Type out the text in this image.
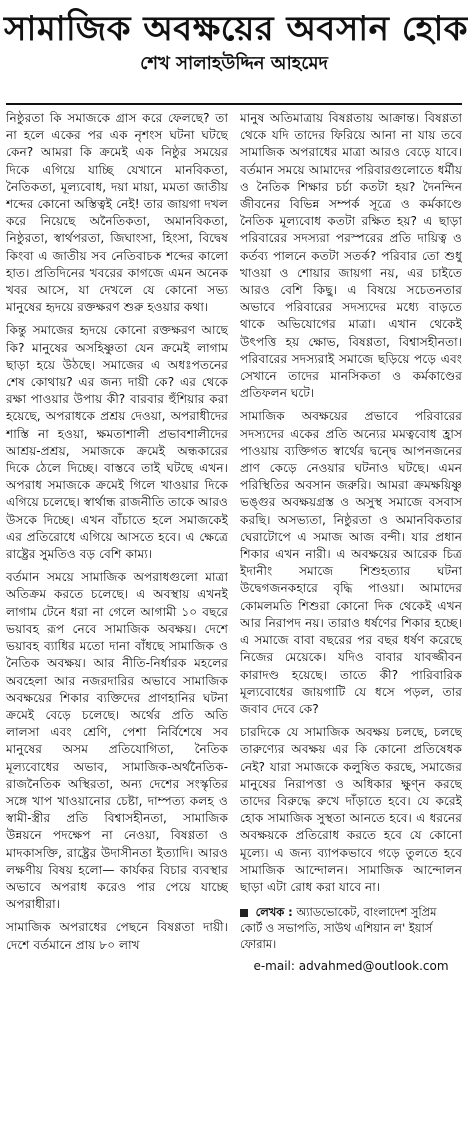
সামাজিক অবক্ষয়ের অবসান হোক
শেখ সালাহউদ্দিন আহমেদ

নিষ্ঠুরতা কি সমাজকে গ্রাস করে ফেলছে? তা না হলে একের পর এক নৃশংস ঘটনা ঘটছে কেন? আমরা কি ক্রমেই এক নিষ্ঠুর সময়ের দিকে এগিয়ে যাচ্ছি যেখানে মানবিকতা, নৈতিকতা, মূল্যবোধ, দয়া মায়া, মমতা জাতীয় শব্দের কোনো অস্তিত্বই নেই! তার জায়গা দখল করে নিয়েছে অনৈতিকতা, অমানবিকতা, নিষ্ঠুরতা, স্বার্থপরতা, জিঘাংসা, হিংসা, বিদ্বেষ কিংবা এ জাতীয় সব নেতিবাচক শব্দের কালো হাত। প্রতিদিনের খবরের কাগজে এমন অনেক খবর আসে, যা দেখলে যে কোনো সভ্য মানুষের হৃদয়ে রক্তক্ষরণ শুরু হওয়ার কথা।

কিন্তু সমাজের হৃদয়ে কোনো রক্তক্ষরণ আছে কি? মানুষের অসহিষ্ণুতা যেন ক্রমেই লাগাম ছাড়া হয়ে উঠছে। সমাজের এ অধঃপতনের শেষ কোথায়? এর জন্য দায়ী কে? এর থেকে রক্ষা পাওয়ার উপায় কী? বারবার হুঁশিয়ার করা হয়েছে, অপরাধকে প্রশ্রয় দেওয়া, অপরাধীদের শাস্তি না হওয়া, ক্ষমতাশালী প্রভাবশালীদের আশ্রয়-প্রশ্রয়, সমাজকে ক্রমেই অন্ধকারের দিকে ঠেলে দিচ্ছে। বাস্তবে তাই ঘটছে এখন। অপরাধ সমাজকে ক্রমেই গিলে খাওয়ার দিকে এগিয়ে চলেছে। স্বার্থান্ধ রাজনীতি তাকে আরও উসকে দিচ্ছে। এখন বাঁচাতে হলে সমাজকেই এর প্রতিরোধে এগিয়ে আসতে হবে। এ ক্ষেত্রে রাষ্ট্রের সুমতিও বড় বেশি কাম্য।

বর্তমান সময়ে সামাজিক অপরাধগুলো মাত্রা অতিক্রম করতে চলেছে। এ অবস্থায় এখনই লাগাম টেনে ধরা না গেলে আগামী ১০ বছরে ভয়াবহ রূপ নেবে সামাজিক অবক্ষয়। দেশে ভয়াবহ ব্যাধির মতো দানা বাঁধছে সামাজিক ও নৈতিক অবক্ষয়। আর নীতি-নির্ধারক মহলের অবহেলা আর নজরদারির অভাবে সামাজিক অবক্ষয়ের শিকার ব্যক্তিদের প্রাণহানির ঘটনা ক্রমেই বেড়ে চলেছে। অর্থের প্রতি অতি লালসা এবং শ্রেণি, পেশা নির্বিশেষে সব মানুষের অসম প্রতিযোগিতা, নৈতিক মূল্যবোধের অভাব, সামাজিক-অর্থনৈতিক-রাজনৈতিক অস্থিরতা, অন্য দেশের সংস্কৃতির সঙ্গে খাপ খাওয়ানোর চেষ্টা, দাম্পত্য কলহ ও স্বামী-স্ত্রীর প্রতি বিশ্বাসহীনতা, সামাজিক উন্নয়নে পদক্ষেপ না নেওয়া, বিষণ্ণতা ও মাদকাসক্তি, রাষ্ট্রের উদাসীনতা ইত্যাদি। আরও লক্ষণীয় বিষয় হলো— কার্যকর বিচার ব্যবস্থার অভাবে অপরাধ করেও পার পেয়ে যাচ্ছে অপরাধীরা।

সামাজিক অপরাধের পেছনে বিষণ্ণতা দায়ী। দেশে বর্তমানে প্রায় ৮০ লাখ

মানুষ অতিমাত্রায় বিষণ্ণতায় আক্রান্ত। বিষণ্ণতা থেকে যদি তাদের ফিরিয়ে আনা না যায় তবে সামাজিক অপরাধের মাত্রা আরও বেড়ে যাবে। বর্তমান সময়ে আমাদের পরিবারগুলোতে ধর্মীয় ও নৈতিক শিক্ষার চর্চা কতটা হয়? দৈনন্দিন জীবনের বিভিন্ন সম্পর্ক সূত্রে ও কর্মকাণ্ডে নৈতিক মূল্যবোধ কতটা রক্ষিত হয়? এ ছাড়া পরিবারের সদস্যরা পরস্পরের প্রতি দায়িত্ব ও কর্তব্য পালনে কতটা সতর্ক? পরিবার তো শুধু খাওয়া ও শোয়ার জায়গা নয়, এর চাইতে আরও বেশি কিছু। এ বিষয়ে সচেতনতার অভাবে পরিবারের সদস্যদের মধ্যে বাড়তে থাকে অভিযোগের মাত্রা। এখান থেকেই উৎপত্তি হয় ক্ষোভ, বিষণ্ণতা, বিশ্বাসহীনতা। পরিবারের সদস্যরাই সমাজে ছড়িয়ে পড়ে এবং সেখানে তাদের মানসিকতা ও কর্মকাণ্ডের প্রতিফলন ঘটে।

সামাজিক অবক্ষয়ের প্রভাবে পরিবারের সদস্যদের একের প্রতি অন্যের মমত্ববোধ হ্রাস পাওয়ায় ব্যক্তিগত স্বার্থের দ্বন্দ্বে আপনজনের প্রাণ কেড়ে নেওয়ার ঘটনাও ঘটছে। এমন পরিস্থিতির অবসান জরুরি। আমরা ক্রমক্ষয়িষ্ণু ভঙ্গুর অবক্ষয়গ্রস্ত ও অসুস্থ সমাজে বসবাস করছি। অসভ্যতা, নিষ্ঠুরতা ও অমানবিকতার ঘেরাটোপে এ সমাজ আজ বন্দী। যার প্রধান শিকার এখন নারী। এ অবক্ষয়ের আরেক চিত্র ইদানীং সমাজে শিশুহত্যার ঘটনা উদ্বেগজনকহারে বৃদ্ধি পাওয়া। আমাদের কোমলমতি শিশুরা কোনো দিক থেকেই এখন আর নিরাপদ নয়। তারাও ধর্ষণের শিকার হচ্ছে। এ সমাজে বাবা বছরের পর বছর ধর্ষণ করেছে নিজের মেয়েকে। যদিও বাবার যাবজ্জীবন কারাদণ্ড হয়েছে। তাতে কী? পারিবারিক মূল্যবোধের জায়গাটি যে ধসে পড়ল, তার জবাব দেবে কে?

চারদিকে যে সামাজিক অবক্ষয় চলছে, চলছে তারুণ্যের অবক্ষয় এর কি কোনো প্রতিষেধক নেই? যারা সমাজকে কলুষিত করছে, সমাজের মানুষের নিরাপত্তা ও অধিকার ক্ষুণ্ন করছে তাদের বিরুদ্ধে রুখে দাঁড়াতে হবে। যে করেই হোক সামাজিক সুস্থতা আনতে হবে। এ ধরনের অবক্ষয়কে প্রতিরোধ করতে হবে যে কোনো মূল্যে। এ জন্য ব্যাপকভাবে গড়ে তুলতে হবে সামাজিক আন্দোলন। সামাজিক আন্দোলন ছাড়া এটা রোধ করা যাবে না।

লেখক : অ্যাডভোকেট, বাংলাদেশ সুপ্রিম কোর্ট ও সভাপতি, সাউথ এশিয়ান ল' ইয়ার্স ফোরাম।
e-mail: advahmed@outlook.com
